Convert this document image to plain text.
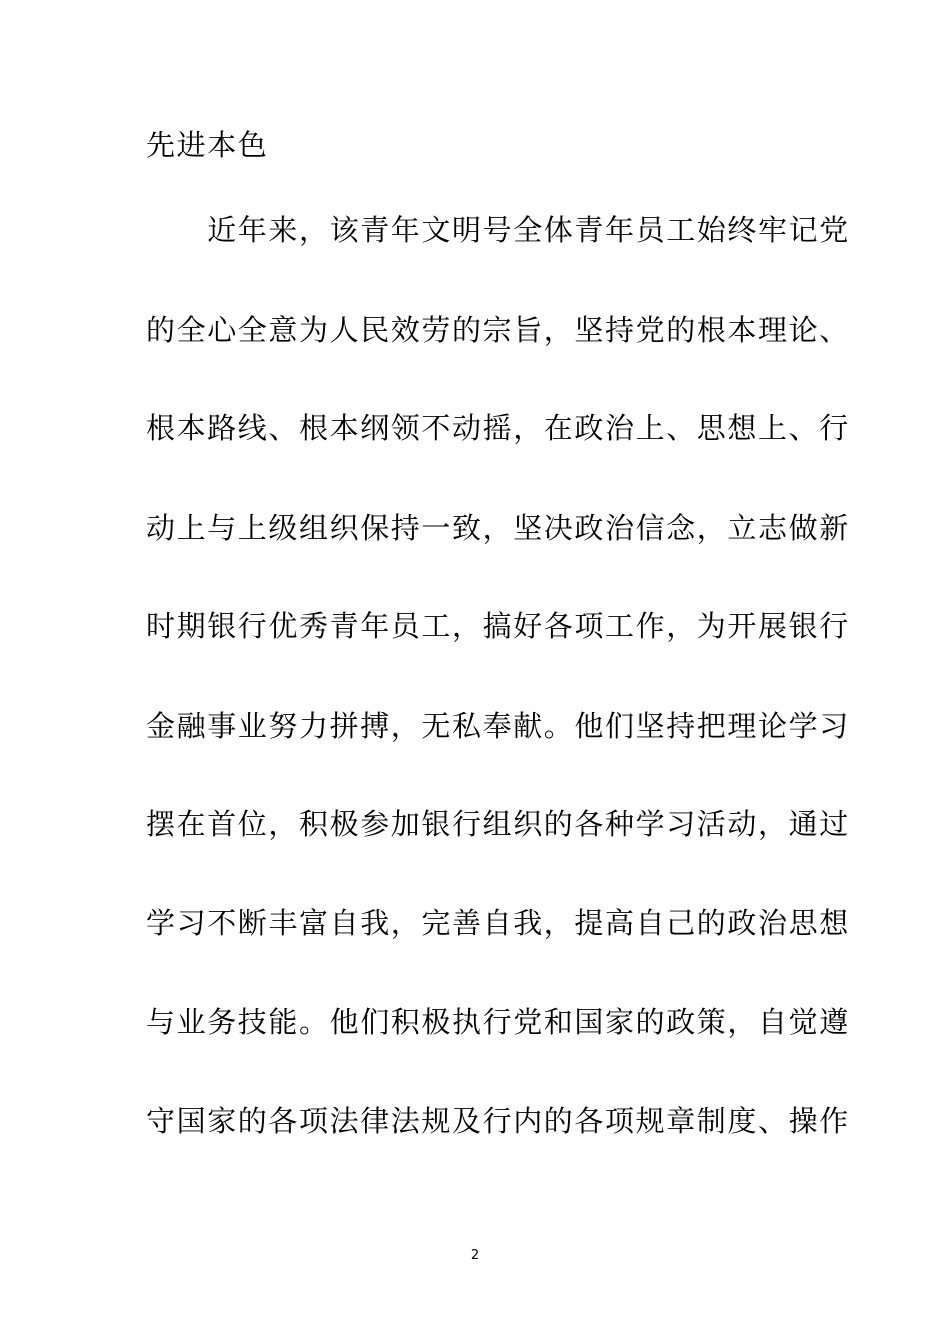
先进本色
　　近年来，该青年文明号全体青年员工始终牢记党
的全心全意为人民效劳的宗旨，坚持党的根本理论、
根本路线、根本纲领不动摇，在政治上、思想上、行
动上与上级组织保持一致，坚决政治信念，立志做新
时期银行优秀青年员工，搞好各项工作，为开展银行
金融事业努力拼搏，无私奉献。他们坚持把理论学习
摆在首位，积极参加银行组织的各种学习活动，通过
学习不断丰富自我，完善自我，提高自己的政治思想
与业务技能。他们积极执行党和国家的政策，自觉遵
守国家的各项法律法规及行内的各项规章制度、操作
2
